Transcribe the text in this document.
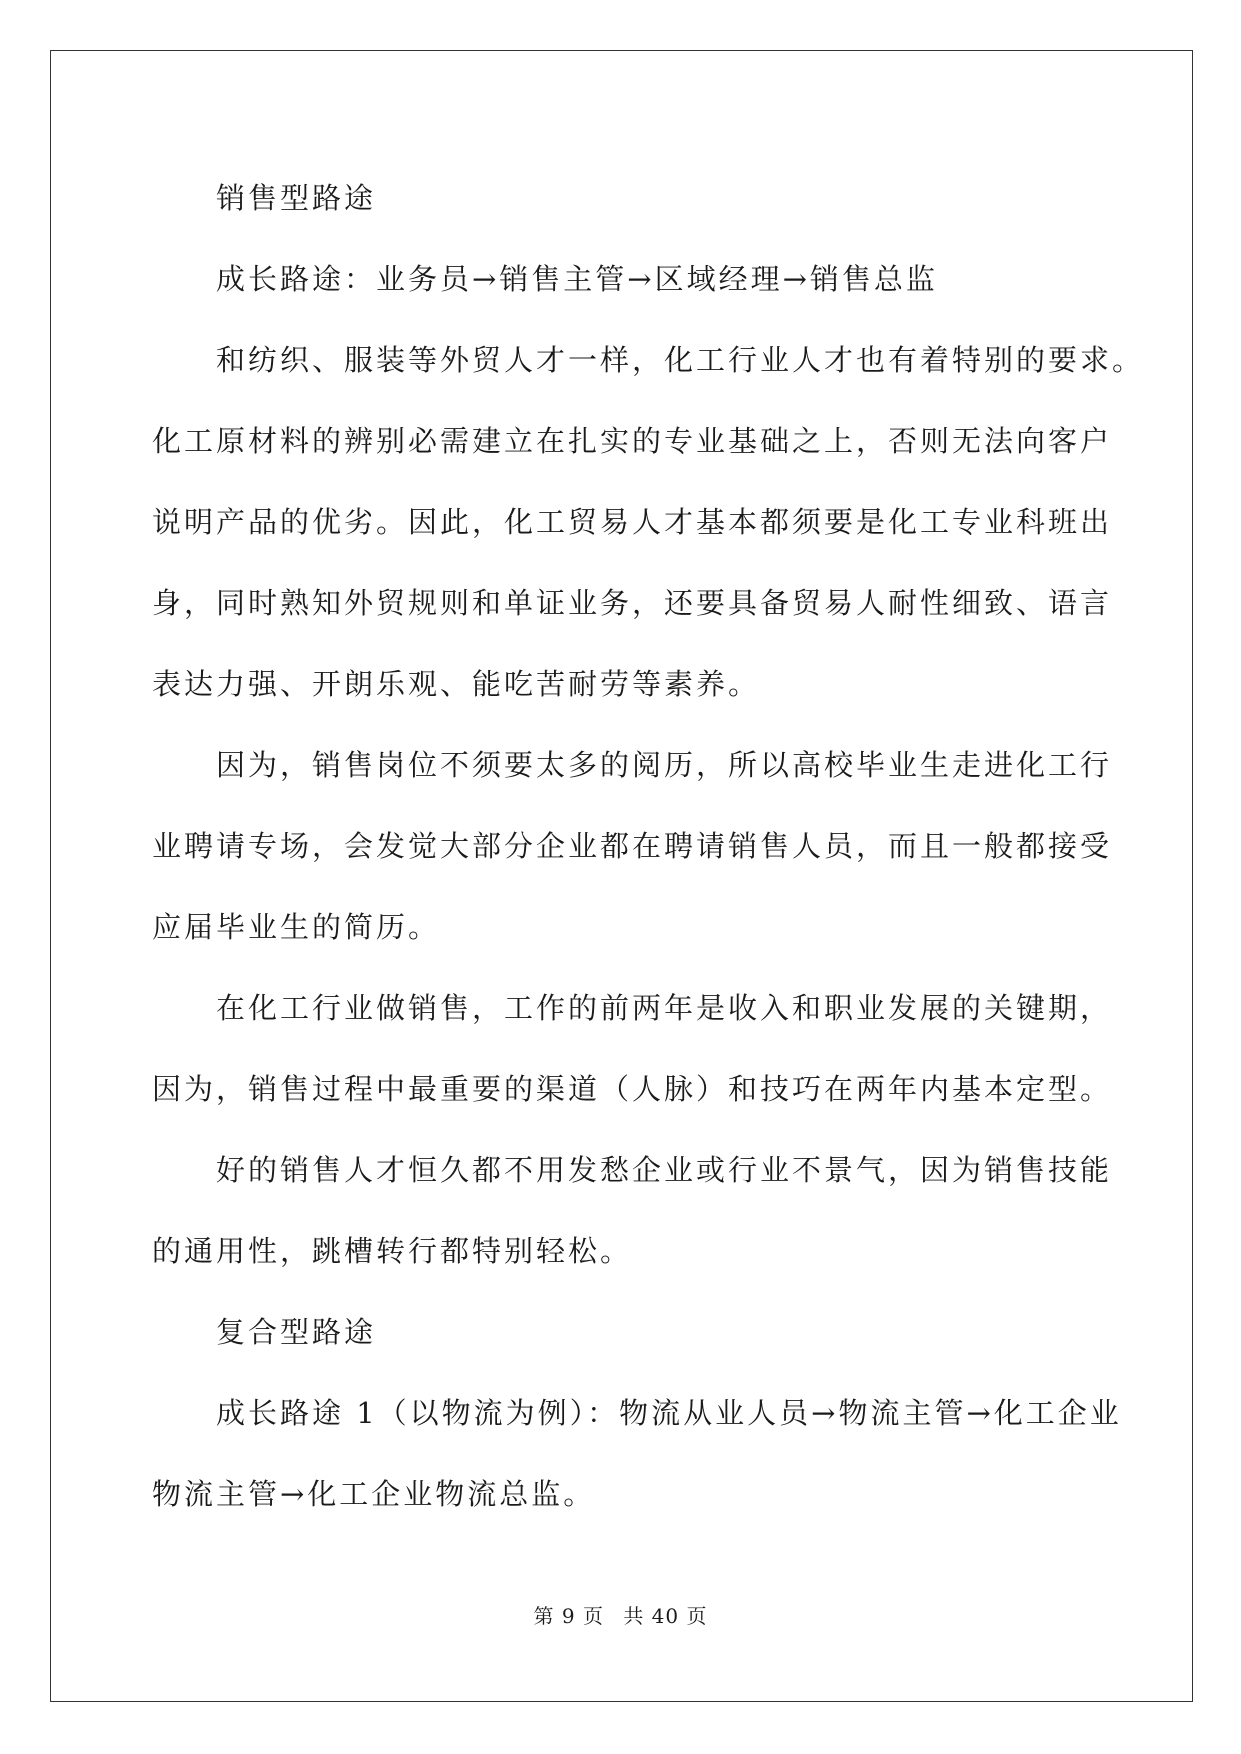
销售型路途

成长路途：业务员→销售主管→区域经理→销售总监

和纺织、服装等外贸人才一样，化工行业人才也有着特别的要求。
化工原材料的辨别必需建立在扎实的专业基础之上，否则无法向客户
说明产品的优劣。因此，化工贸易人才基本都须要是化工专业科班出
身，同时熟知外贸规则和单证业务，还要具备贸易人耐性细致、语言
表达力强、开朗乐观、能吃苦耐劳等素养。

因为，销售岗位不须要太多的阅历，所以高校毕业生走进化工行
业聘请专场，会发觉大部分企业都在聘请销售人员，而且一般都接受
应届毕业生的简历。

在化工行业做销售，工作的前两年是收入和职业发展的关键期，
因为，销售过程中最重要的渠道（人脉）和技巧在两年内基本定型。

好的销售人才恒久都不用发愁企业或行业不景气，因为销售技能
的通用性，跳槽转行都特别轻松。

复合型路途

成长路途 1（以物流为例）：物流从业人员→物流主管→化工企业
物流主管→化工企业物流总监。

第 9 页 共 40 页
